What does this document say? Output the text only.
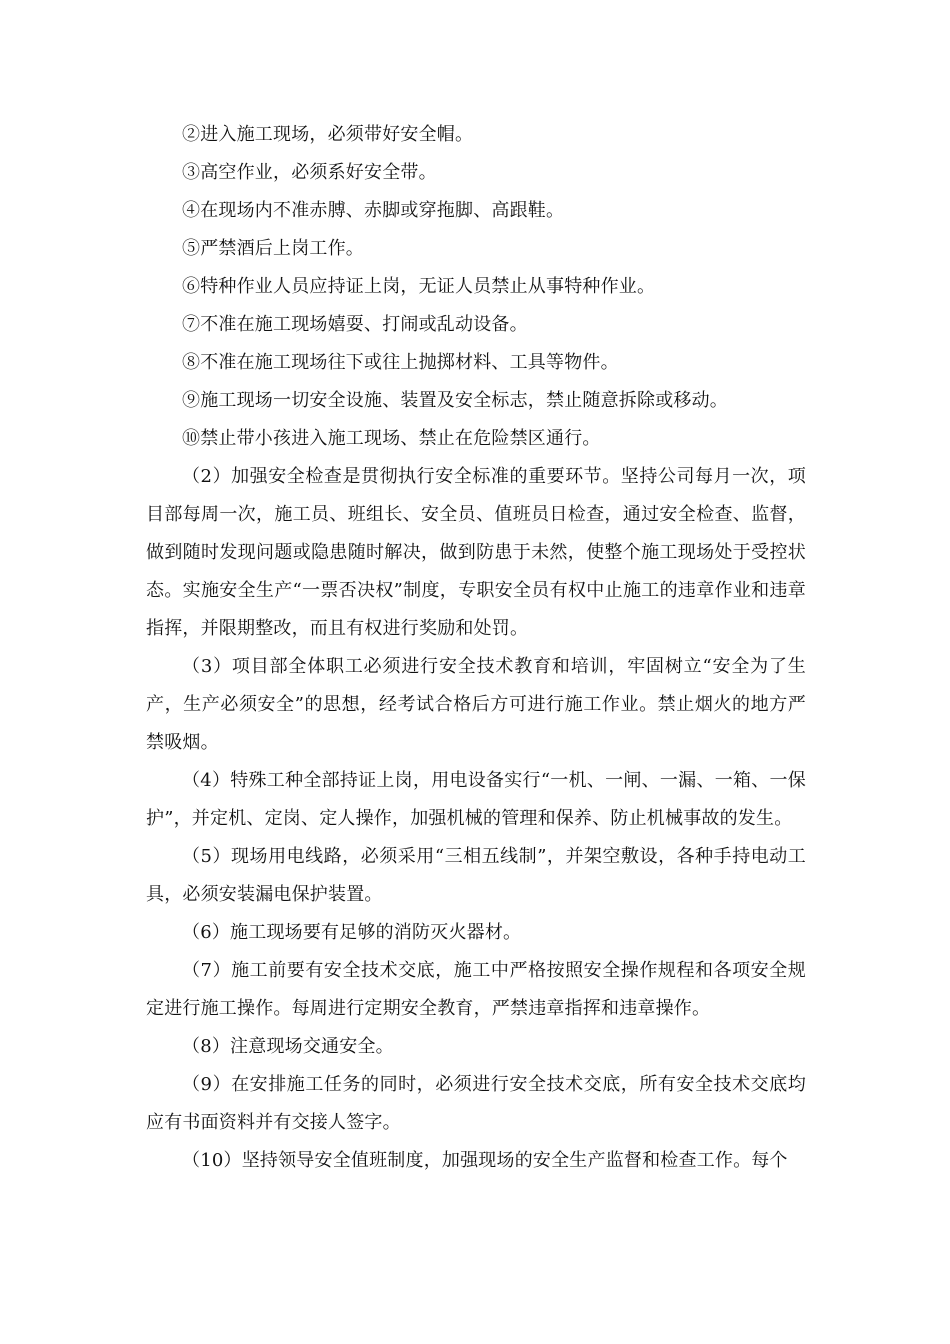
②进入施工现场，必须带好安全帽。
③高空作业，必须系好安全带。
④在现场内不准赤膊、赤脚或穿拖脚、高跟鞋。
⑤严禁酒后上岗工作。
⑥特种作业人员应持证上岗，无证人员禁止从事特种作业。
⑦不准在施工现场嬉耍、打闹或乱动设备。
⑧不准在施工现场往下或往上抛掷材料、工具等物件。
⑨施工现场一切安全设施、装置及安全标志，禁止随意拆除或移动。
⑩禁止带小孩进入施工现场、禁止在危险禁区通行。
（2）加强安全检查是贯彻执行安全标准的重要环节。坚持公司每月一次，项目部每周一次，施工员、班组长、安全员、值班员日检查，通过安全检查、监督，做到随时发现问题或隐患随时解决，做到防患于未然，使整个施工现场处于受控状态。实施安全生产“一票否决权”制度，专职安全员有权中止施工的违章作业和违章指挥，并限期整改，而且有权进行奖励和处罚。
（3）项目部全体职工必须进行安全技术教育和培训，牢固树立“安全为了生产，生产必须安全”的思想，经考试合格后方可进行施工作业。禁止烟火的地方严禁吸烟。
（4）特殊工种全部持证上岗，用电设备实行“一机、一闸、一漏、一箱、一保护”，并定机、定岗、定人操作，加强机械的管理和保养、防止机械事故的发生。
（5）现场用电线路，必须采用“三相五线制”，并架空敷设，各种手持电动工具，必须安装漏电保护装置。
（6）施工现场要有足够的消防灭火器材。
（7）施工前要有安全技术交底，施工中严格按照安全操作规程和各项安全规定进行施工操作。每周进行定期安全教育，严禁违章指挥和违章操作。
（8）注意现场交通安全。
（9）在安排施工任务的同时，必须进行安全技术交底，所有安全技术交底均应有书面资料并有交接人签字。
（10）坚持领导安全值班制度，加强现场的安全生产监督和检查工作。每个
